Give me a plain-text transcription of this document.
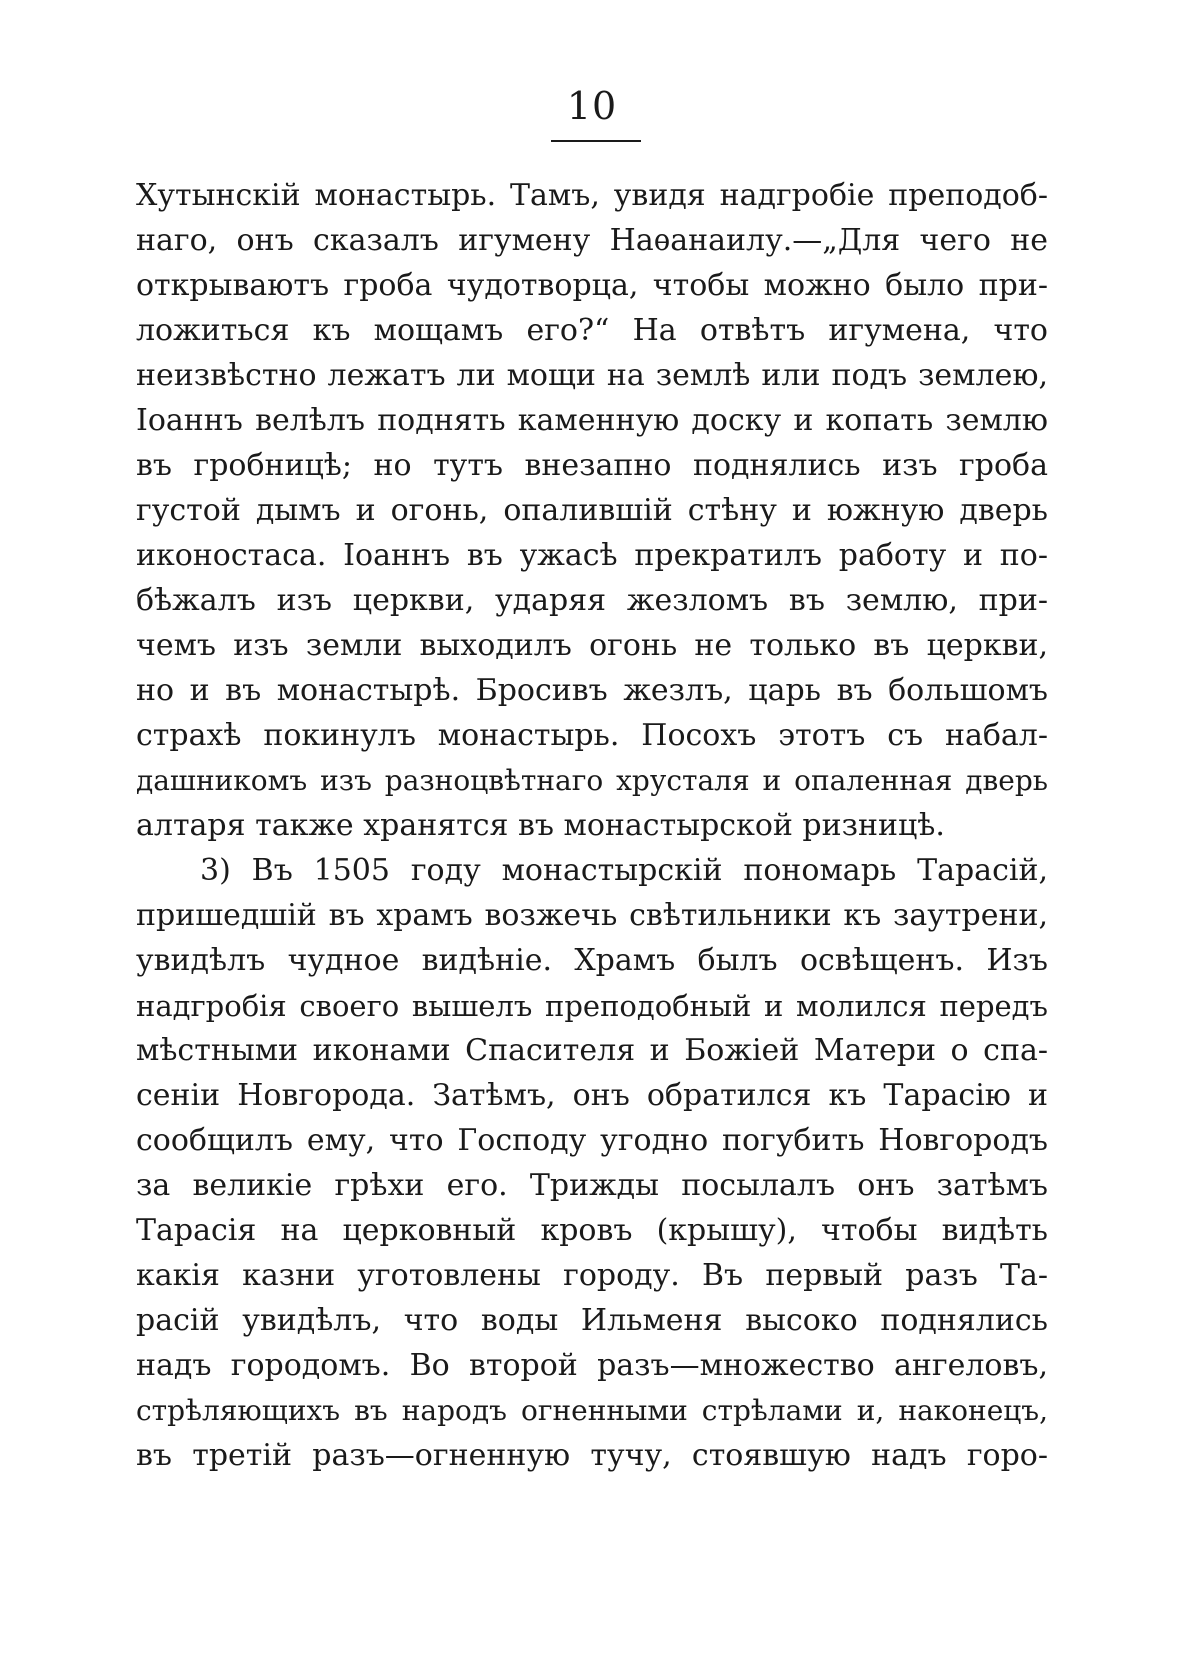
10
Хутынскій монастырь. Тамъ, увидя надгробіе преподоб-
наго, онъ сказалъ игумену Наѳанаилу.—„Для чего не
открываютъ гроба чудотворца, чтобы можно было при-
ложиться къ мощамъ его?“ На отвѣтъ игумена, что
неизвѣстно лежатъ ли мощи на землѣ или подъ землею,
Іоаннъ велѣлъ поднять каменную доску и копать землю
въ гробницѣ; но тутъ внезапно поднялись изъ гроба
густой дымъ и огонь, опалившій стѣну и южную дверь
иконостаса. Іоаннъ въ ужасѣ прекратилъ работу и по-
бѣжалъ изъ церкви, ударяя жезломъ въ землю, при-
чемъ изъ земли выходилъ огонь не только въ церкви,
но и въ монастырѣ. Бросивъ жезлъ, царь въ большомъ
страхѣ покинулъ монастырь. Посохъ этотъ съ набал-
дашникомъ изъ разноцвѣтнаго хрусталя и опаленная дверь
алтаря также хранятся въ монастырской ризницѣ.
3) Въ 1505 году монастырскій пономарь Тарасій,
пришедшій въ храмъ возжечь свѣтильники къ заутрени,
увидѣлъ чудное видѣніе. Храмъ былъ освѣщенъ. Изъ
надгробія своего вышелъ преподобный и молился передъ
мѣстными иконами Спасителя и Божіей Матери о спа-
сеніи Новгорода. Затѣмъ, онъ обратился къ Тарасію и
сообщилъ ему, что Господу угодно погубить Новгородъ
за великіе грѣхи его. Трижды посылалъ онъ затѣмъ
Тарасія на церковный кровъ (крышу), чтобы видѣть
какія казни уготовлены городу. Въ первый разъ Та-
расій увидѣлъ, что воды Ильменя высоко поднялись
надъ городомъ. Во второй разъ—множество ангеловъ,
стрѣляющихъ въ народъ огненными стрѣлами и, наконецъ,
въ третій разъ—огненную тучу, стоявшую надъ горо-
